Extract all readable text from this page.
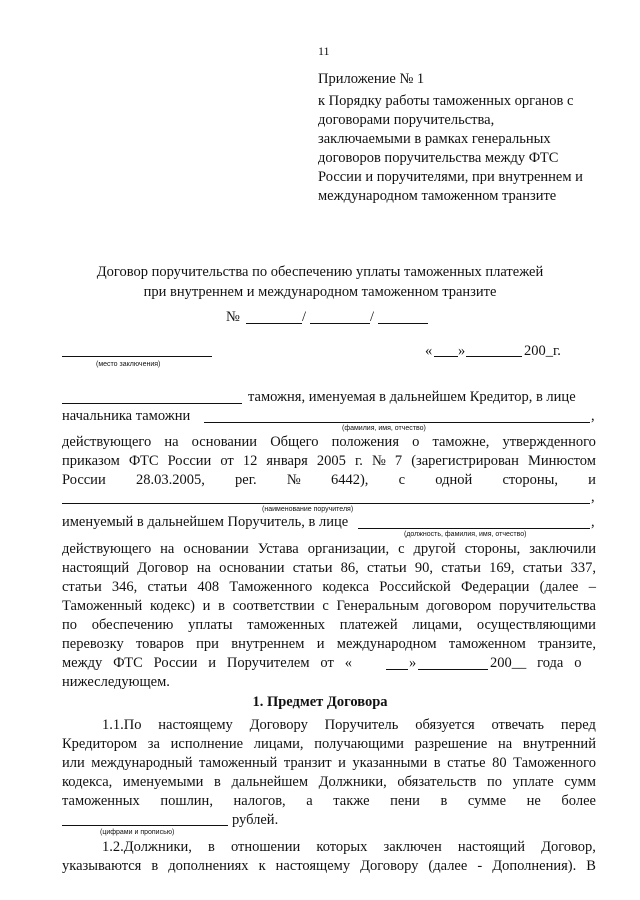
11
Приложение № 1
к Порядку работы таможенных органов с
договорами поручительства,
заключаемыми в рамках генеральных
договоров поручительства между ФТС
России и поручителями, при внутреннем и
международном таможенном транзите
Договор поручительства по обеспечению уплаты таможенных платежей
при внутреннем и международном таможенном транзите
№	/	/
(место заключения)
« »	200_г.
таможня, именуемая в дальнейшем Кредитор, в лице
начальника таможни	,
(фамилия, имя, отчество)
действующего на основании Общего положения о таможне, утвержденного
приказом ФТС России от 12 января 2005 г. № 7 (зарегистрирован Минюстом
России 28.03.2005, рег. № 6442), с одной стороны, и
,
(наименование поручителя)
именуемый в дальнейшем Поручитель, в лице	,
(должность, фамилия, имя, отчество)
действующего на основании Устава организации, с другой стороны, заключили
настоящий Договор на основании статьи 86, статьи 90, статьи 169, статьи 337,
статьи 346, статьи 408 Таможенного кодекса Российской Федерации (далее –
Таможенный кодекс) и в соответствии с Генеральным договором поручительства
по обеспечению уплаты таможенных платежей лицами, осуществляющими
перевозку товаров при внутреннем и международном таможенном транзите,
между   ФТС   России   и   Поручителем   от   «	»	200__   года   о
нижеследующем.
1. Предмет Договора
1.1.По настоящему Договору Поручитель обязуется отвечать перед
Кредитором за исполнение лицами, получающими разрешение на внутренний
или международный таможенный транзит и указанными в статье 80 Таможенного
кодекса, именуемыми в дальнейшем Должники, обязательств по уплате сумм
таможенных пошлин, налогов, а также пени в сумме не более
рублей.
(цифрами и прописью)
1.2.Должники, в отношении которых заключен настоящий Договор,
указываются в дополнениях к настоящему Договору (далее - Дополнения). В
